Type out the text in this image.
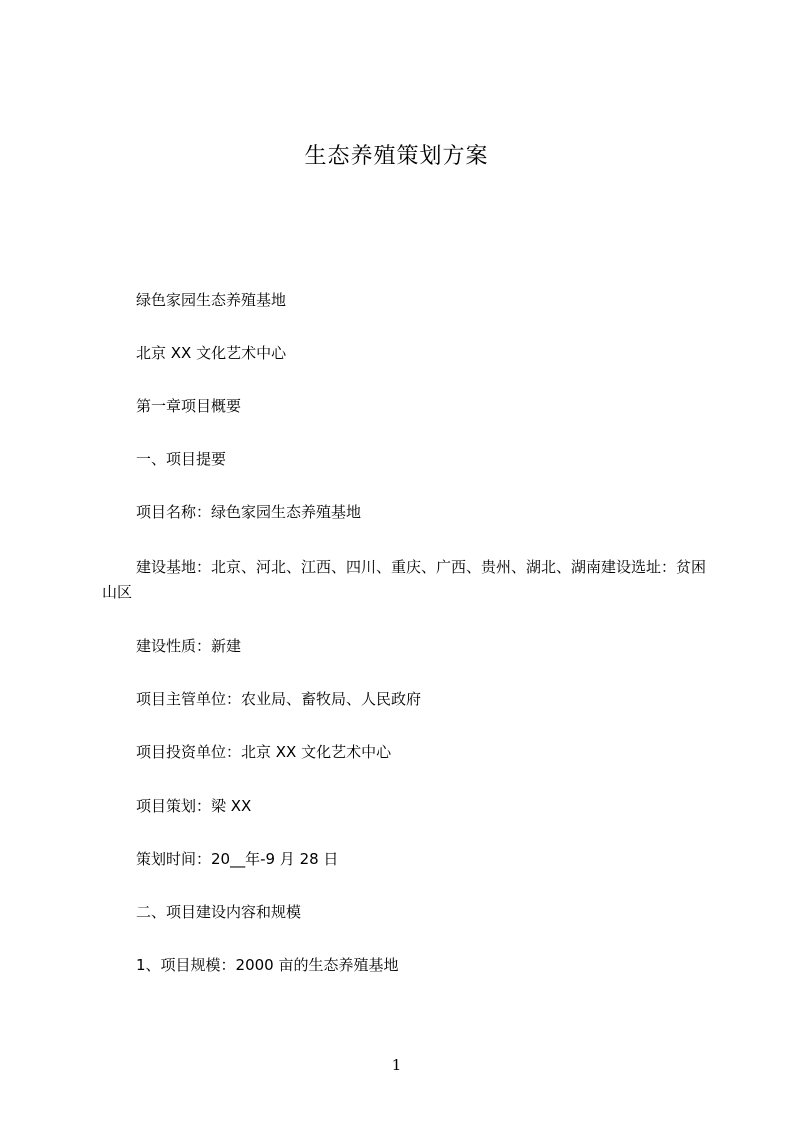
生态养殖策划方案
绿色家园生态养殖基地
北京 XX 文化艺术中心
第一章项目概要
一、项目提要
项目名称：绿色家园生态养殖基地
建设基地：北京、河北、江西、四川、重庆、广西、贵州、湖北、湖南建设选址：贫困山区
建设性质：新建
项目主管单位：农业局、畜牧局、人民政府
项目投资单位：北京 XX 文化艺术中心
项目策划：梁 XX
策划时间：20__年-9 月 28 日
二、项目建设内容和规模
1、项目规模：2000 亩的生态养殖基地
1
